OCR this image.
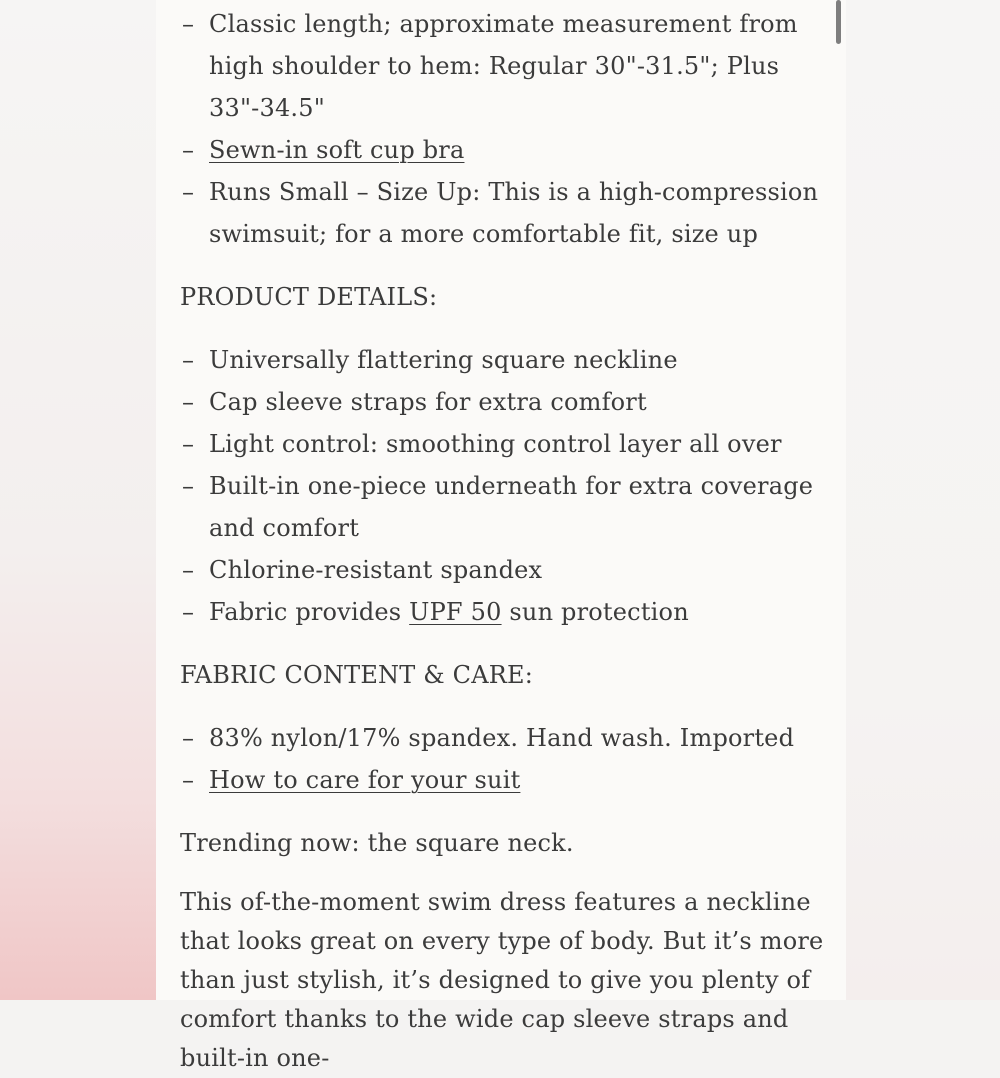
– Classic length; approximate measurement from high shoulder to hem: Regular 30"-31.5"; Plus 33"-34.5"
– Sewn-in soft cup bra
– Runs Small – Size Up: This is a high-compression swimsuit; for a more comfortable fit, size up
PRODUCT DETAILS:
– Universally flattering square neckline
– Cap sleeve straps for extra comfort
– Light control: smoothing control layer all over
– Built-in one-piece underneath for extra coverage and comfort
– Chlorine-resistant spandex
– Fabric provides UPF 50 sun protection
FABRIC CONTENT & CARE:
– 83% nylon/17% spandex. Hand wash. Imported
– How to care for your suit

Trending now: the square neck.

This of-the-moment swim dress features a neckline that looks great on every type of body. But it’s more than just stylish, it’s designed to give you plenty of comfort thanks to the wide cap sleeve straps and built-in one-
